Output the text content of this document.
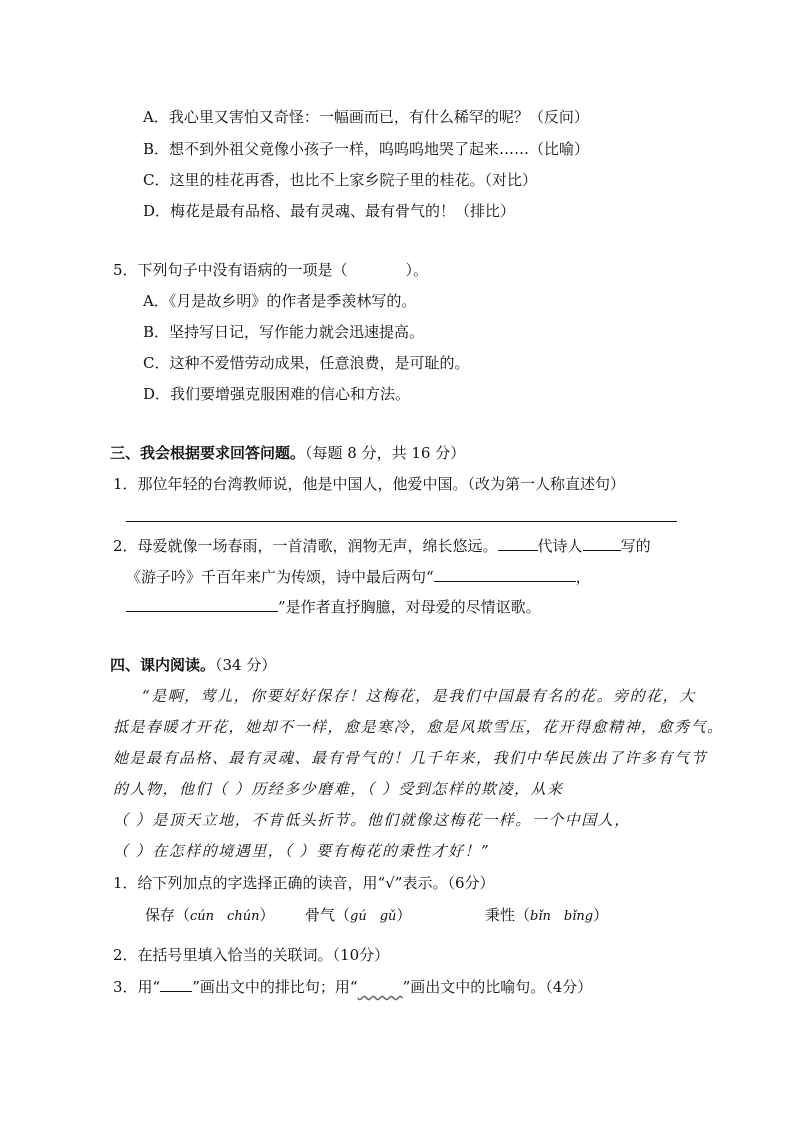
A．我心里又害怕又奇怪：一幅画而已，有什么稀罕的呢？（反问）
B．想不到外祖父竟像小孩子一样，呜呜呜地哭了起来……（比喻）
C．这里的桂花再香，也比不上家乡院子里的桂花。（对比）
D．梅花是最有品格、最有灵魂、最有骨气的！（排比）
5．下列句子中没有语病的一项是（	）。
A．《月是故乡明》的作者是季羡林写的。
B．坚持写日记，写作能力就会迅速提高。
C．这种不爱惜劳动成果，任意浪费，是可耻的。
D．我们要增强克服困难的信心和方法。
三、我会根据要求回答问题。（每题 8 分，共 16 分）
1．那位年轻的台湾教师说，他是中国人，他爱中国。（改为第一人称直述句）
2．母爱就像一场春雨，一首清歌，润物无声，绵长悠远。	代诗人	写的
《游子吟》千百年来广为传颂，诗中最后两句“	，
”是作者直抒胸臆，对母爱的尽情讴歌。
四、课内阅读。（34 分）
“是啊，莺儿，你要好好保存！这梅花，是我们中国最有名的花。旁的花，大
抵是春暖才开花，她却不一样，愈是寒冷，愈是风欺雪压，花开得愈精神，愈秀气。
她是最有品格、最有灵魂、最有骨气的！几千年来，我们中华民族出了许多有气节
的人物，他们（ ）历经多少磨难，（ ）受到怎样的欺凌，从来
（ ）是顶天立地，不肯低头折节。他们就像这梅花一样。一个中国人，
（ ）在怎样的境遇里，（ ）要有梅花的秉性才好！”
1．给下列加点的字选择正确的读音，用“√”表示。（6分）
保存（cún　chún） 骨气（gú　gǔ）	秉性（bǐn　bǐng）
2．在括号里填入恰当的关联词。（10分）
3．用“ ”画出文中的排比句；用“	”画出文中的比喻句。（4分）
